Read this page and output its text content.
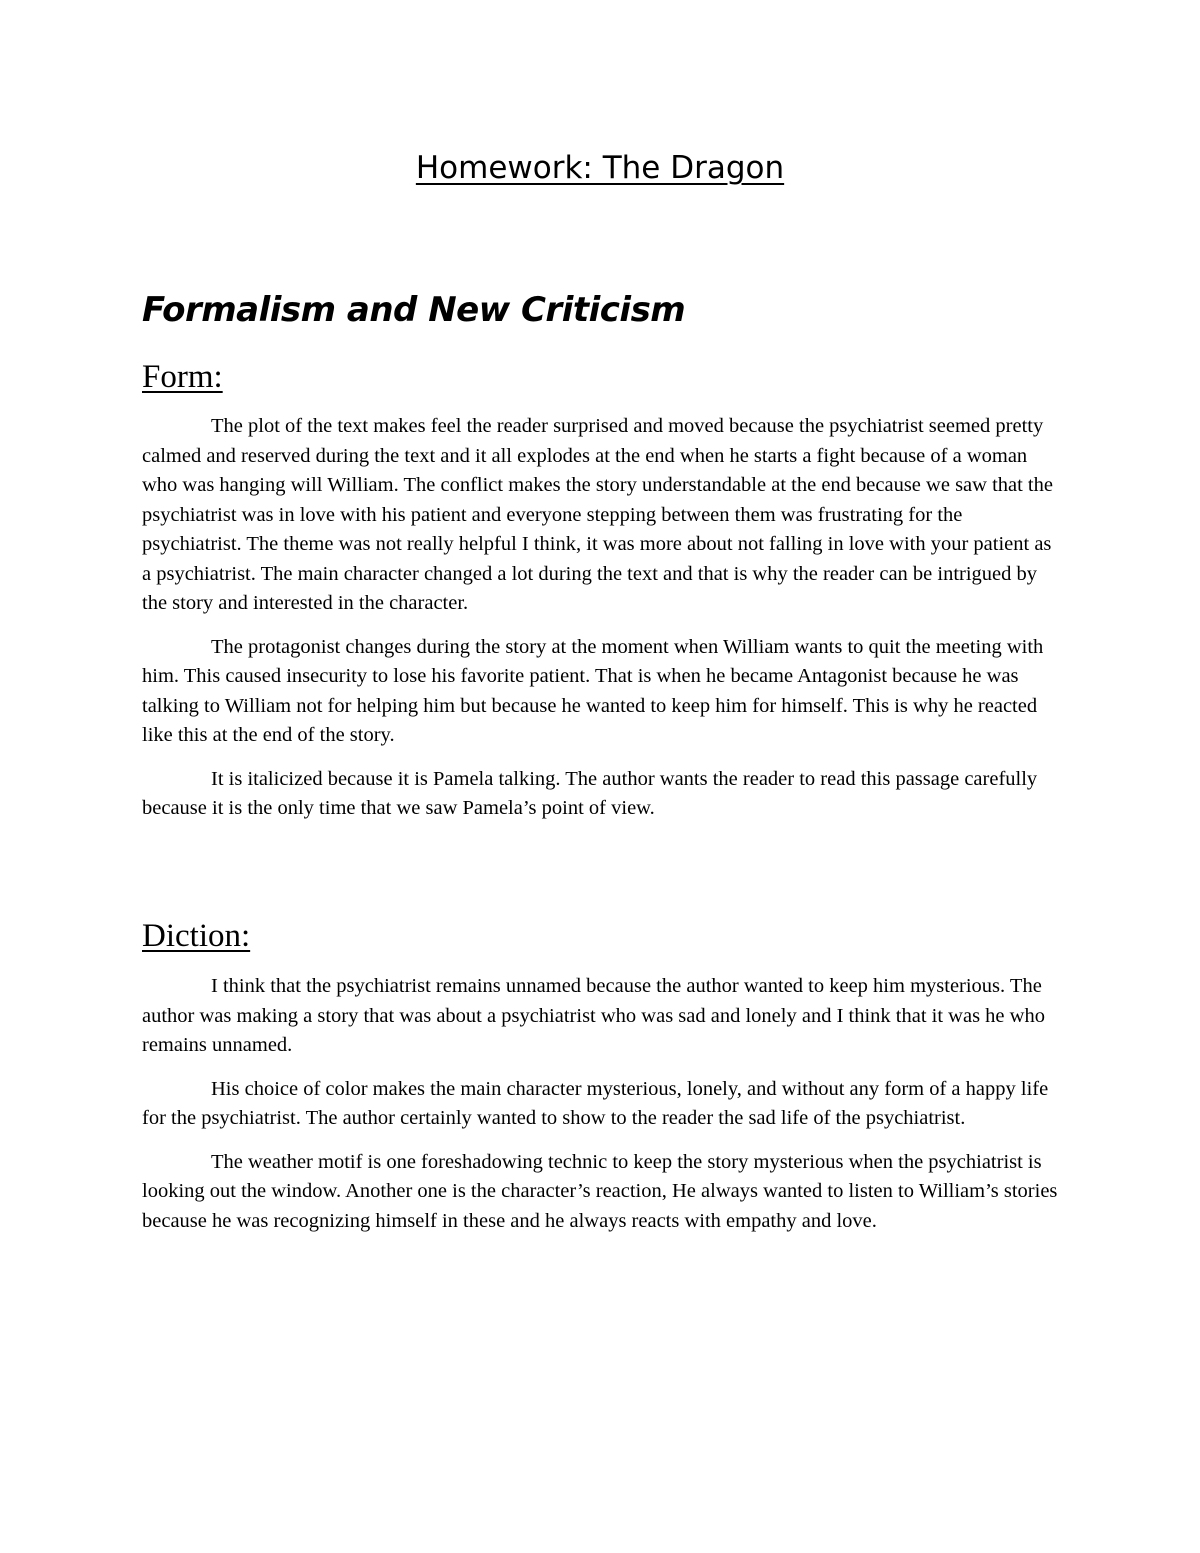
Homework: The Dragon
Formalism and New Criticism
Form:

The plot of the text makes feel the reader surprised and moved because the psychiatrist seemed pretty calmed and reserved during the text and it all explodes at the end when he starts a fight because of a woman who was hanging will William. The conflict makes the story understandable at the end because we saw that the psychiatrist was in love with his patient and everyone stepping between them was frustrating for the psychiatrist. The theme was not really helpful I think, it was more about not falling in love with your patient as a psychiatrist. The main character changed a lot during the text and that is why the reader can be intrigued by the story and interested in the character.

The protagonist changes during the story at the moment when William wants to quit the meeting with him. This caused insecurity to lose his favorite patient. That is when he became Antagonist because he was talking to William not for helping him but because he wanted to keep him for himself. This is why he reacted like this at the end of the story.

It is italicized because it is Pamela talking. The author wants the reader to read this passage carefully because it is the only time that we saw Pamela’s point of view.

Diction:

I think that the psychiatrist remains unnamed because the author wanted to keep him mysterious. The author was making a story that was about a psychiatrist who was sad and lonely and I think that it was he who remains unnamed.

His choice of color makes the main character mysterious, lonely, and without any form of a happy life for the psychiatrist. The author certainly wanted to show to the reader the sad life of the psychiatrist.

The weather motif is one foreshadowing technic to keep the story mysterious when the psychiatrist is looking out the window. Another one is the character’s reaction, He always wanted to listen to William’s stories because he was recognizing himself in these and he always reacts with empathy and love.
